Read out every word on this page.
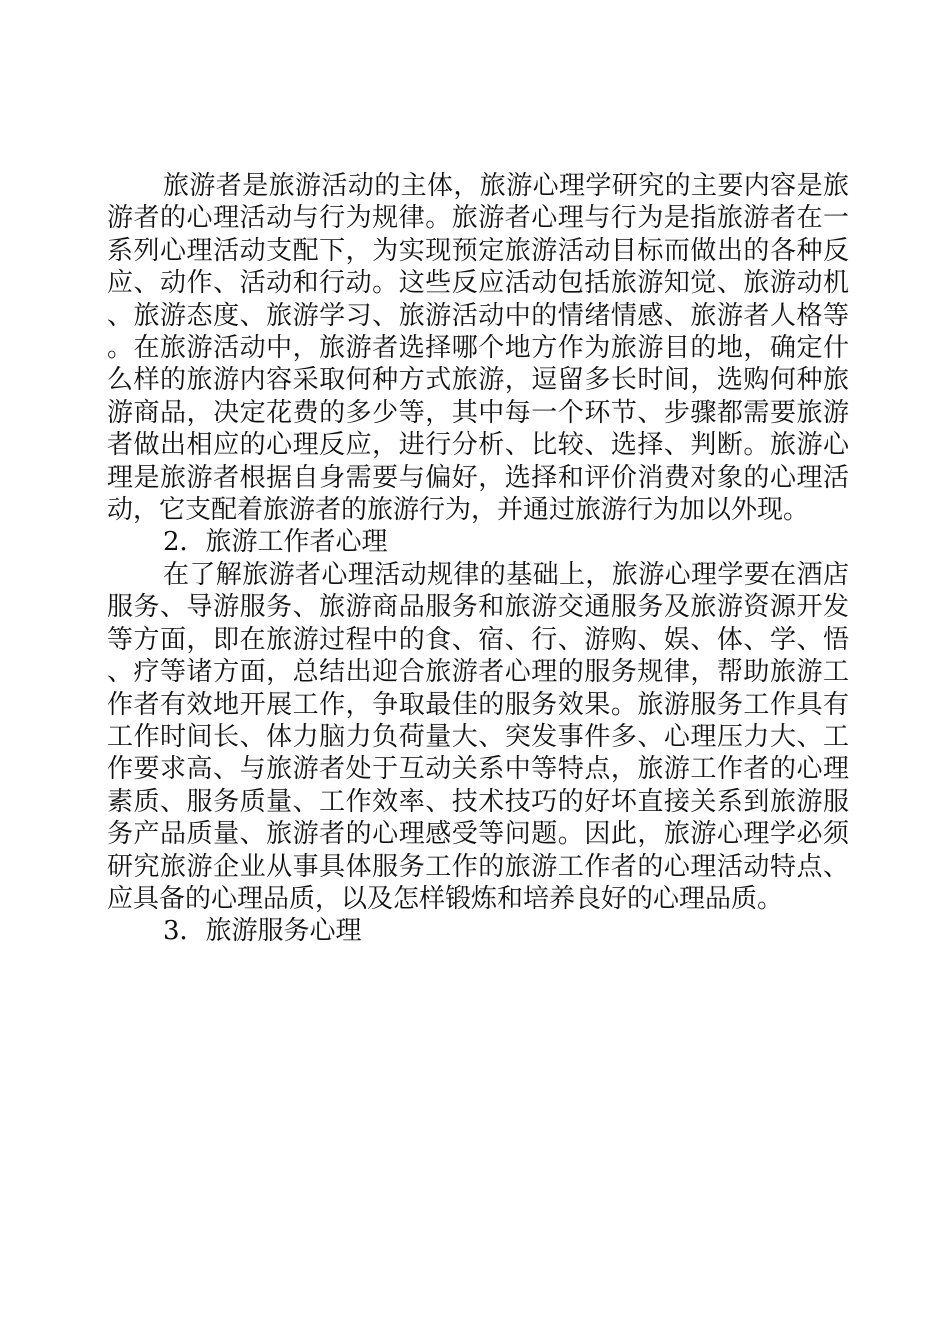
旅游者是旅游活动的主体，旅游心理学研究的主要内容是旅游者的心理活动与行为规律。旅游者心理与行为是指旅游者在一系列心理活动支配下，为实现预定旅游活动目标而做出的各种反应、动作、活动和行动。这些反应活动包括旅游知觉、旅游动机、旅游态度、旅游学习、旅游活动中的情绪情感、旅游者人格等。在旅游活动中，旅游者选择哪个地方作为旅游目的地，确定什么样的旅游内容采取何种方式旅游，逗留多长时间，选购何种旅游商品，决定花费的多少等，其中每一个环节、步骤都需要旅游者做出相应的心理反应，进行分析、比较、选择、判断。旅游心理是旅游者根据自身需要与偏好，选择和评价消费对象的心理活动，它支配着旅游者的旅游行为，并通过旅游行为加以外现。

2．旅游工作者心理

在了解旅游者心理活动规律的基础上，旅游心理学要在酒店服务、导游服务、旅游商品服务和旅游交通服务及旅游资源开发等方面，即在旅游过程中的食、宿、行、游购、娱、体、学、悟、疗等诸方面，总结出迎合旅游者心理的服务规律，帮助旅游工作者有效地开展工作，争取最佳的服务效果。旅游服务工作具有工作时间长、体力脑力负荷量大、突发事件多、心理压力大、工作要求高、与旅游者处于互动关系中等特点，旅游工作者的心理素质、服务质量、工作效率、技术技巧的好坏直接关系到旅游服务产品质量、旅游者的心理感受等问题。因此，旅游心理学必须研究旅游企业从事具体服务工作的旅游工作者的心理活动特点、应具备的心理品质，以及怎样锻炼和培养良好的心理品质。

3．旅游服务心理
